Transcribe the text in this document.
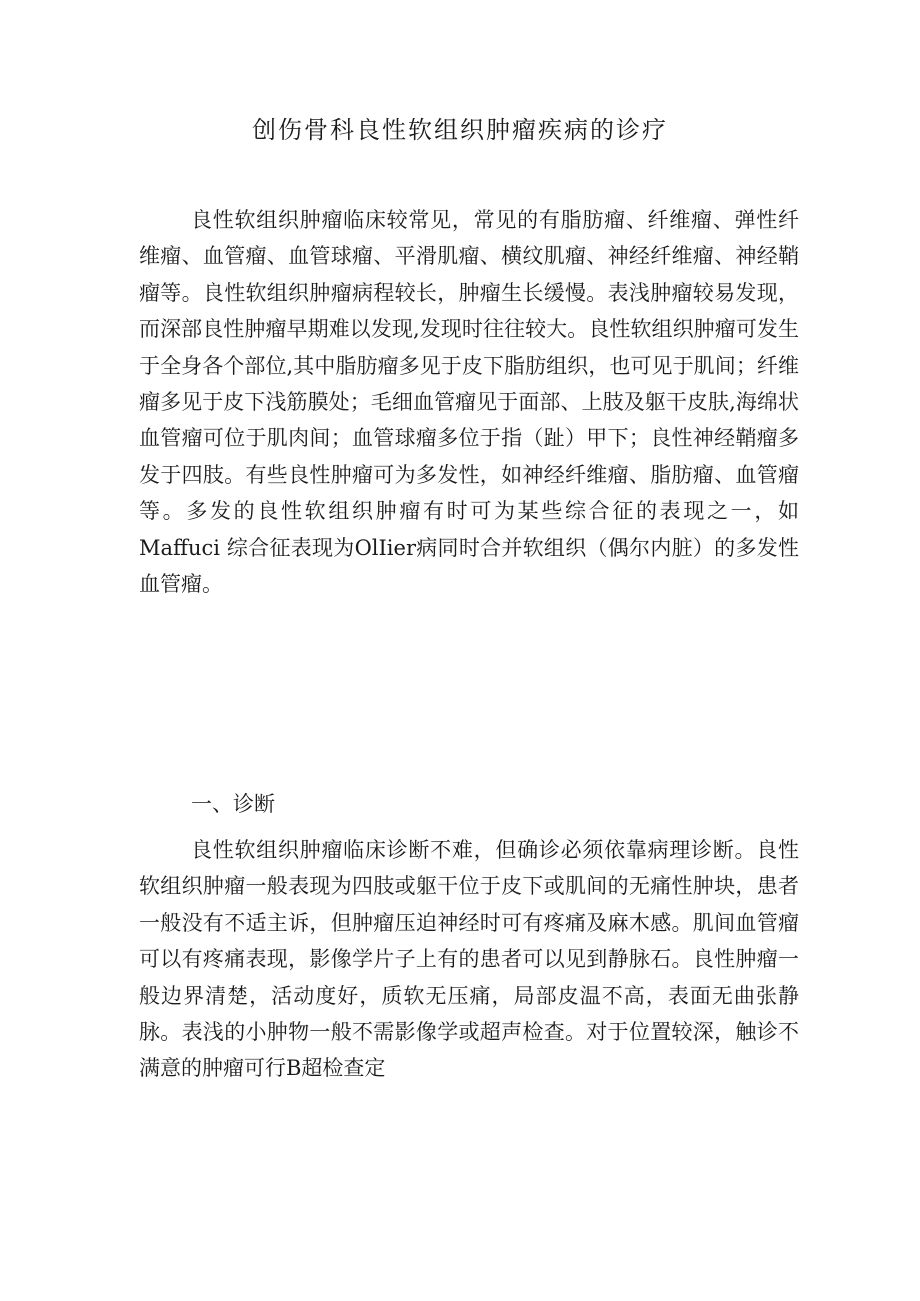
创伤骨科良性软组织肿瘤疾病的诊疗

良性软组织肿瘤临床较常见，常见的有脂肪瘤、纤维瘤、弹性纤维瘤、血管瘤、血管球瘤、平滑肌瘤、横纹肌瘤、神经纤维瘤、神经鞘瘤等。良性软组织肿瘤病程较长，肿瘤生长缓慢。表浅肿瘤较易发现，而深部良性肿瘤早期难以发现,发现时往往较大。良性软组织肿瘤可发生于全身各个部位,其中脂肪瘤多见于皮下脂肪组织，也可见于肌间；纤维瘤多见于皮下浅筋膜处；毛细血管瘤见于面部、上肢及躯干皮肤,海绵状血管瘤可位于肌肉间；血管球瘤多位于指（趾）甲下；良性神经鞘瘤多发于四肢。有些良性肿瘤可为多发性，如神经纤维瘤、脂肪瘤、血管瘤等。多发的良性软组织肿瘤有时可为某些综合征的表现之一，如Maffuci 综合征表现为OlIier病同时合并软组织（偶尔内脏）的多发性血管瘤。

一、诊断

良性软组织肿瘤临床诊断不难，但确诊必须依靠病理诊断。良性软组织肿瘤一般表现为四肢或躯干位于皮下或肌间的无痛性肿块，患者一般没有不适主诉，但肿瘤压迫神经时可有疼痛及麻木感。肌间血管瘤可以有疼痛表现，影像学片子上有的患者可以见到静脉石。良性肿瘤一般边界清楚，活动度好，质软无压痛，局部皮温不高，表面无曲张静脉。表浅的小肿物一般不需影像学或超声检查。对于位置较深，触诊不满意的肿瘤可行B超检查定
